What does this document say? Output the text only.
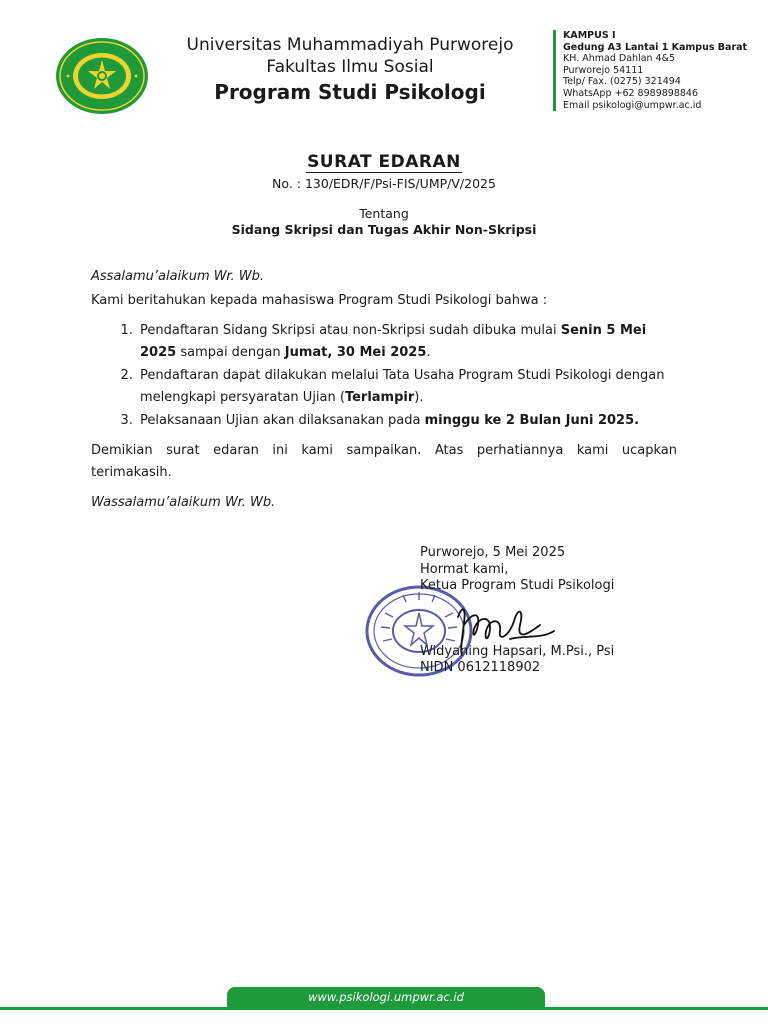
Universitas Muhammadiyah Purworejo
Fakultas Ilmu Sosial
Program Studi Psikologi
KAMPUS I
Gedung A3 Lantai 1 Kampus Barat
KH. Ahmad Dahlan 4&5
Purworejo 54111
Telp/ Fax. (0275) 321494
WhatsApp +62 8989898846
Email psikologi@umpwr.ac.id
SURAT EDARAN
No. : 130/EDR/F/Psi-FIS/UMP/V/2025
Tentang
Sidang Skripsi dan Tugas Akhir Non-Skripsi

Assalamu’alaikum Wr. Wb.

Kami beritahukan kepada mahasiswa Program Studi Psikologi bahwa :

1. Pendaftaran Sidang Skripsi atau non-Skripsi sudah dibuka mulai Senin 5 Mei 2025 sampai dengan Jumat, 30 Mei 2025.
2. Pendaftaran dapat dilakukan melalui Tata Usaha Program Studi Psikologi dengan melengkapi persyaratan Ujian (Terlampir).
3. Pelaksanaan Ujian akan dilaksanakan pada minggu ke 2 Bulan Juni 2025.

Demikian surat edaran ini kami sampaikan. Atas perhatiannya kami ucapkan terimakasih.

Wassalamu’alaikum Wr. Wb.

Purworejo, 5 Mei 2025
Hormat kami,
Ketua Program Studi Psikologi
Widyaning Hapsari, M.Psi., Psi
NIDN 0612118902
www.psikologi.umpwr.ac.id
